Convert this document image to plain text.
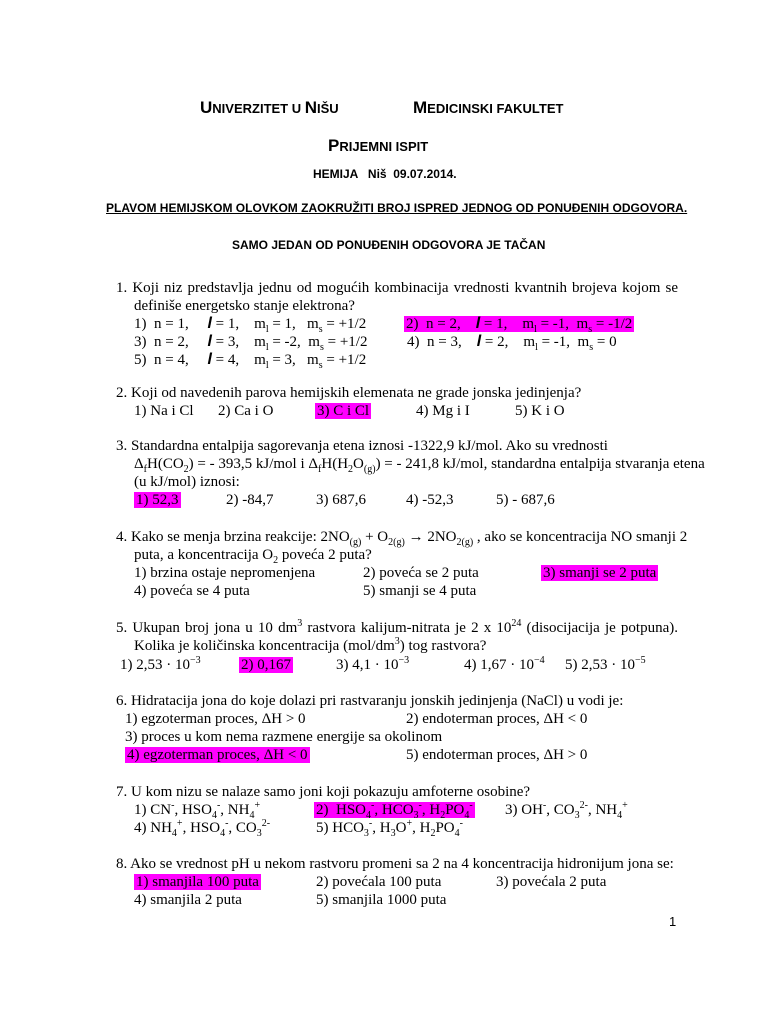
UNIVERZITET U NIŠU	MEDICINSKI FAKULTET
PRIJEMNI ISPIT
HEMIJA   Niš  09.07.2014.
PLAVOM HEMIJSKOM OLOVKOM ZAOKRUŽITI BROJ ISPRED JEDNOG OD PONUĐENIH ODGOVORA.
SAMO JEDAN OD PONUĐENIH ODGOVORA JE TAČAN
1. Koji niz predstavlja jednu od mogućih kombinacija vrednosti kvantnih brojeva kojom se
definiše energetsko stanje elektrona?
1)  n = 1,     l = 1,    $m_l = 1$,   $m_s = +1/2$	2)  n = 2,    l = 1,    $m_l = -1$,  $m_s = -1/2$
3)  n = 2,     l = 3,    $m_l = -2$,  $m_s = +1/2$	4)  n = 3,    l = 2,    $m_l = -1$,  $m_s = 0$
5)  n = 4,     l = 4,    $m_l = 3$,   $m_s = +1/2$
2. Koji od navedenih parova hemijskih elemenata ne grade jonska jedinjenja?
1) Na i Cl 2) Ca i O	3) C i Cl	4) Mg i I	5) K i O
3. Standardna entalpija sagorevanja etena iznosi -1322,9 kJ/mol. Ako su vrednosti
$\Delta_fH(CO_2)$ = - 393,5 kJ/mol i $\Delta_fH(H_2O_{(g)})$ = - 241,8 kJ/mol, standardna entalpija stvaranja etena
(u kJ/mol) iznosi:
1) 52,3	2) -84,7	3) 687,6	4) -52,3	5) - 687,6
4. Kako se menja brzina reakcije: $2NO_{(g)} + O_{2(g)} \to 2NO_{2(g)}$ , ako se koncentracija NO smanji 2
puta, a koncentracija $O_2$ poveća 2 puta?
1) brzina ostaje nepromenjena	2) poveća se 2 puta	3) smanji se 2 puta
4) poveća se 4 puta	5) smanji se 4 puta
5. Ukupan broj jona u 10 $dm^3$ rastvora kalijum-nitrata je 2 x $10^{24}$ (disocijacija je potpuna).
Kolika je količinska koncentracija $(mol/dm^3)$ tog rastvora?
1) $2,53 \cdot 10^{-3}$	2) 0,167	3) $4,1 \cdot 10^{-3}$	4) $1,67 \cdot 10^{-4}$ 5) $2,53 \cdot 10^{-5}$
6. Hidratacija jona do koje dolazi pri rastvaranju jonskih jedinjenja (NaCl) u vodi je:
1) egzoterman proces, ΔH > 0	2) endoterman proces, ΔH < 0
3) proces u kom nema razmene energije sa okolinom
4) egzoterman proces, ΔH < 0	5) endoterman proces, ΔH > 0
7. U kom nizu se nalaze samo joni koji pokazuju amfoterne osobine?
1) CN-, $HSO_4^-$, $NH_4^+$	2)  $HSO_4^-$, $HCO_3^-$, $H_2PO_4^-$ 3) OH-, $CO_3^{2-}$, $NH_4^+$
4) $NH_4^+$, $HSO_4^-$, $CO_3^{2-}$	5) $HCO_3^-$, $H_3O^+$, $H_2PO_4^-$
8. Ako se vrednost pH u nekom rastvoru promeni sa 2 na 4 koncentracija hidronijum jona se:
1) smanjila 100 puta	2) povećala 100 puta	3) povećala 2 puta
4) smanjila 2 puta	5) smanjila 1000 puta
1
